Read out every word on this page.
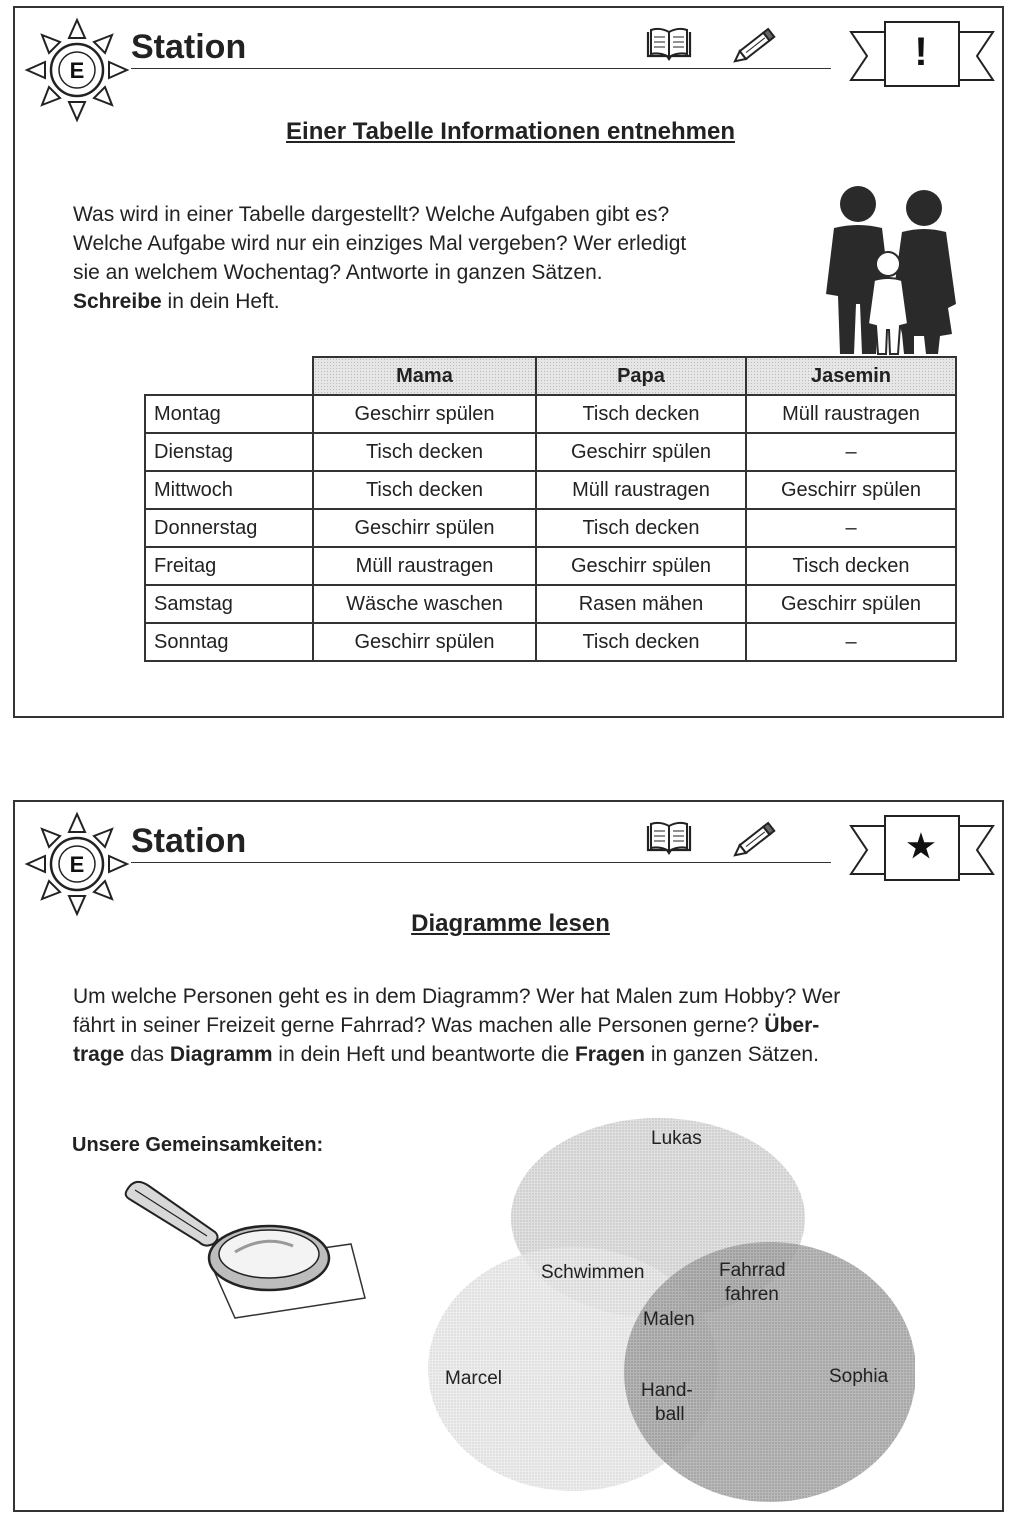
E
Station	!
Einer Tabelle Informationen entnehmen
Was wird in einer Tabelle dargestellt? Welche Aufgaben gibt es?
Welche Aufgabe wird nur ein einziges Mal vergeben? Wer erledigt
sie an welchem Wochentag? Antworte in ganzen Sätzen.
Schreibe in dein Heft.
	Mama	Papa	Jasemin
Montag	Geschirr spülen	Tisch decken	Müll raustragen
Dienstag	Tisch decken	Geschirr spülen	–
Mittwoch	Tisch decken	Müll raustragen	Geschirr spülen
Donnerstag	Geschirr spülen	Tisch decken	–
Freitag	Müll raustragen	Geschirr spülen	Tisch decken
Samstag	Wäsche waschen	Rasen mähen	Geschirr spülen
Sonntag	Geschirr spülen	Tisch decken	–
E
Station	★
Diagramme lesen
Um welche Personen geht es in dem Diagramm? Wer hat Malen zum Hobby? Wer
fährt in seiner Freizeit gerne Fahrrad? Was machen alle Personen gerne? Über-
trage das Diagramm in dein Heft und beantworte die Fragen in ganzen Sätzen.
Unsere Gemeinsamkeiten:	Lukas
Marcel	Sophia
Schwimmen	Fahrrad
fahren
Malen
Hand-
ball
